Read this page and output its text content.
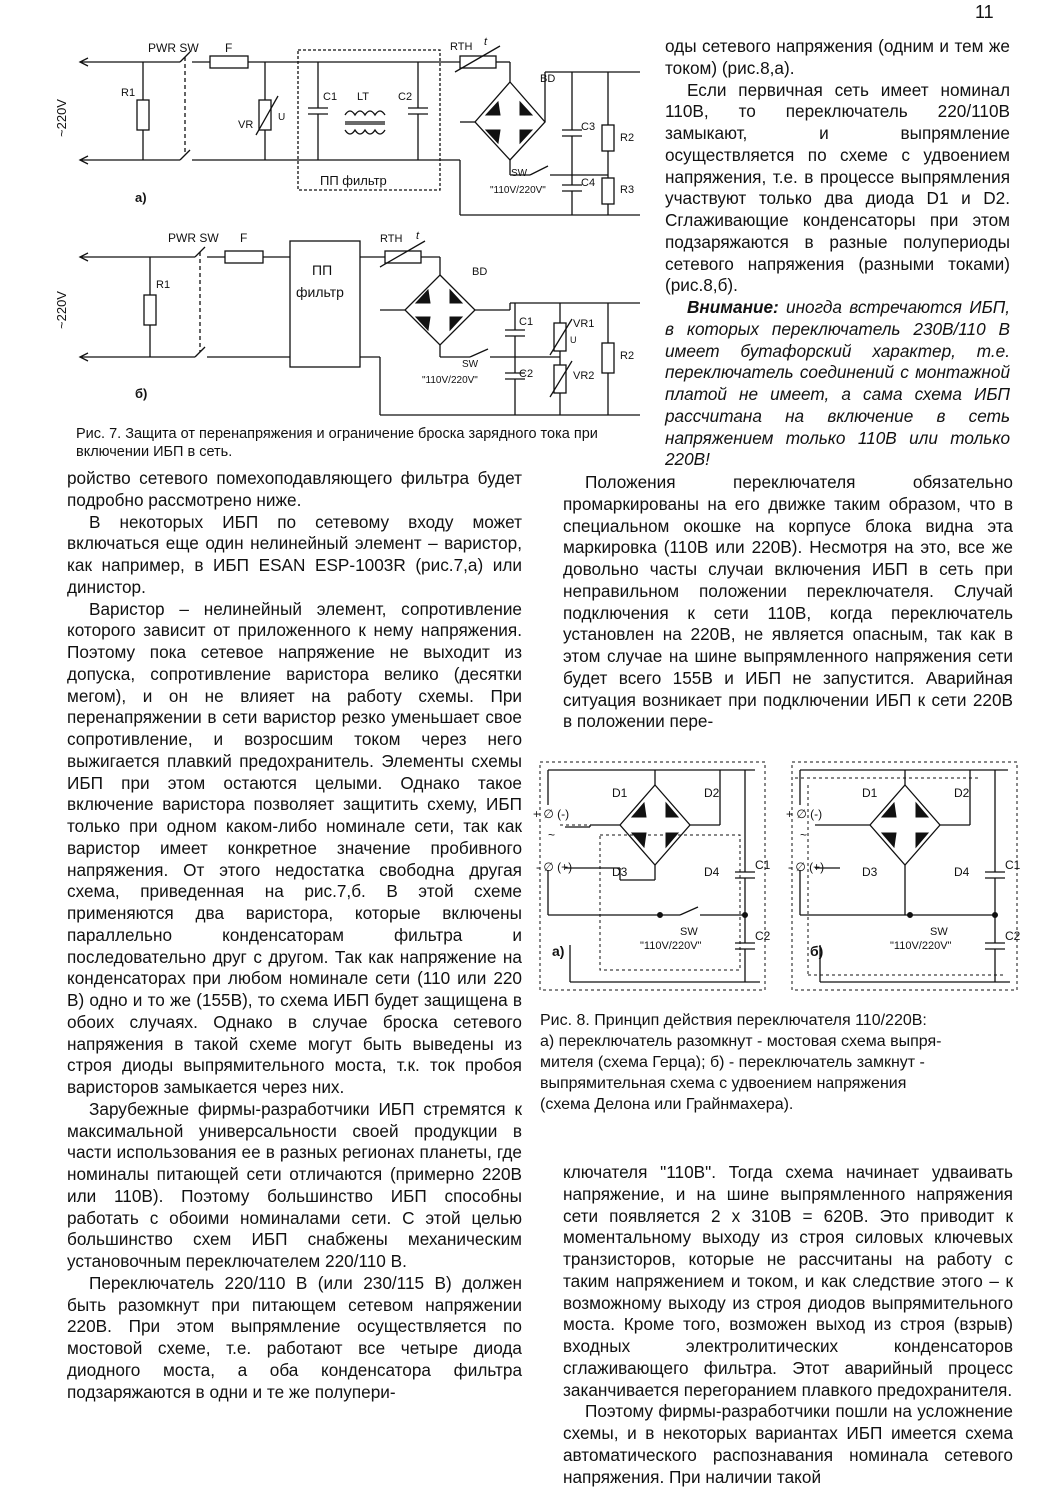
11
~220V
PWR SW F
R1
VR
U
C1 LT	C2
ПП фильтр
RTH t
BD
C3
C4
R2
R3
SW
"110V/220V"
а)
~220V
PWR SW F
R1
ПП
фильтр
RTH t
BD
C1
C2
VR1
VR2
U
R2
SW
"110V/220V"
б)
Рис. 7. Защита от перенапряжения и ограничение броска зарядного тока при
включении ИБП в сеть.

оды сетевого напряжения (одним и тем же током) (рис.8,а).

Если первичная сеть имеет номинал 110В, то переключатель 220/110В замыкают, и выпрямление осуществляется по схеме с удвоением напряжения, т.е. в процессе выпрямления участвуют только два диода D1 и D2. Сглаживающие конденсаторы при этом подзаряжаются в разные полупериоды сетевого напряжения (разными токами) (рис.8,б).

Внимание: иногда встречаются ИБП, в которых переключатель 230В/110 В имеет бутафорский характер, т.е. переключатель соединений с монтажной платой не имеет, а сама схема ИБП рассчитана на включение в сеть напряжением только 110В или только 220В!

Положения переключателя обязательно промаркированы на его движке таким образом, что в специальном окошке на корпусе блока видна эта маркировка (110В или 220В). Несмотря на это, все же довольно часты случаи включения ИБП в сеть при неправильном положении переключателя. Случай подключения к сети 110В, когда переключатель установлен на 220В, не является опасным, так как в этом случае на шине выпрямленного напряжения сети будет всего 155В и ИБП не запустится. Аварийная ситуация возникает при подключении ИБП к сети 220В в положении пере-

ройство сетевого помехоподавляющего фильтра будет подробно рассмотрено ниже.

В некоторых ИБП по сетевому входу может включаться еще один нелинейный элемент – варистор, как например, в ИБП ESAN ESP-1003R (рис.7,а) или динистор.

Варистор – нелинейный элемент, сопротивление которого зависит от приложенного к нему напряжения. Поэтому пока сетевое напряжение не выходит из допуска, сопротивление варистора велико (десятки мегом), и он не влияет на работу схемы. При перенапряжении в сети варистор резко уменьшает свое сопротивление, и возросшим током через него выжигается плавкий предохранитель. Элементы схемы ИБП при этом остаются целыми. Однако такое включение варистора позволяет защитить схему, ИБП только при одном каком-либо номинале сети, так как варистор имеет конкретное значение пробивного напряжения. От этого недостатка свободна другая схема, приведенная на рис.7,б. В этой схеме применяются два варистора, которые включены параллельно конденсаторам фильтра и последовательно друг с другом. Так как напряжение на конденсаторах при любом номинале сети (110 или 220 В) одно и то же (155В), то схема ИБП будет защищена в обоих случаях. Однако в случае броска сетевого напряжения в такой схеме могут быть выведены из строя диоды выпрямительного моста, т.к. ток пробоя варисторов замыкается через них.

Зарубежные фирмы-разработчики ИБП стремятся к максимальной универсальности своей продукции в части использования ее в разных регионах планеты, где номиналы питающей сети отличаются (примерно 220В или 110В). Поэтому большинство ИБП способны работать с обоими номиналами сети. С этой целью большинство схем ИБП снабжены механическим установочным переключателем 220/110 В.

Переключатель 220/110 В (или 230/115 В) должен быть разомкнут при питающем сетевом напряжении 220В. При этом выпрямление осуществляется по мостовой схеме, т.е. работают все четыре диода диодного моста, а оба конденсатора фильтра подзаряжаются в одни и те же полупери-

+ ∅ (-)
~
- ∅ (+)
D1	D2
D3	D4	C1
C2
SW
"110V/220V"
а)
+ ∅ (-)
~
- ∅ (+)
D1	D2
D3	D4	C1
C2
SW
"110V/220V"
б)
Рис. 8. Принцип действия переключателя 110/220В:
а) переключатель разомкнут - мостовая схема выпря-
мителя (схема Герца); б) - переключатель замкнут -
выпрямительная схема с удвоением напряжения
(схема Делона или Грайнмахера).

ключателя "110В". Тогда схема начинает удваивать напряжение, и на шине выпрямленного напряжения сети появляется 2 x 310В = 620В. Это приводит к моментальному выходу из строя силовых ключевых транзисторов, которые не рассчитаны на работу с таким напряжением и током, и как следствие этого – к возможному выходу из строя диодов выпрямительного моста. Кроме того, возможен выход из строя (взрыв) входных электролитических конденсаторов сглаживающего фильтра. Этот аварийный процесс заканчивается перегоранием плавкого предохранителя.

Поэтому фирмы-разработчики пошли на усложнение схемы, и в некоторых вариантах ИБП имеется схема автоматического распознавания номинала сетевого напряжения. При наличии такой
